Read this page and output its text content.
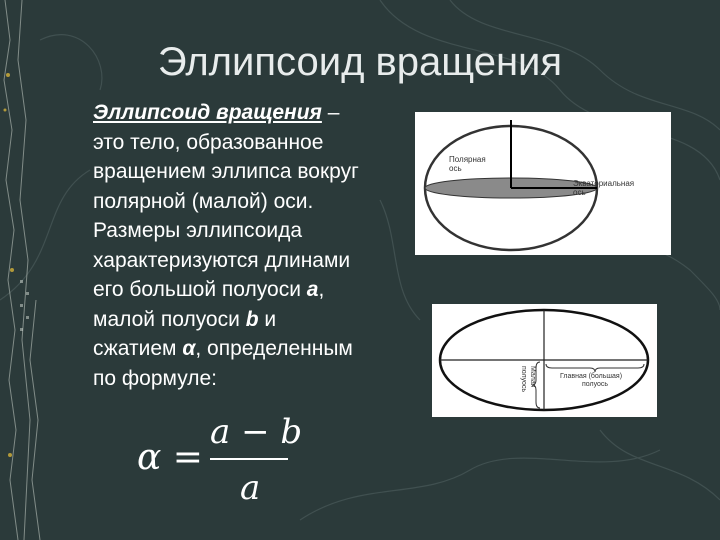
Эллипсоид вращения

Эллипсоид вращения – это тело, образованное вращением эллипса вокруг полярной (малой) оси.

Размеры эллипсоида характеризуются длинами его большой полуоси а, малой полуоси b и сжатием α, определенным по формуле:

α =
a − b
a
Полярная
ось
Экваториальная
ось
Малая
полуось	Главная (большая)
полуось
